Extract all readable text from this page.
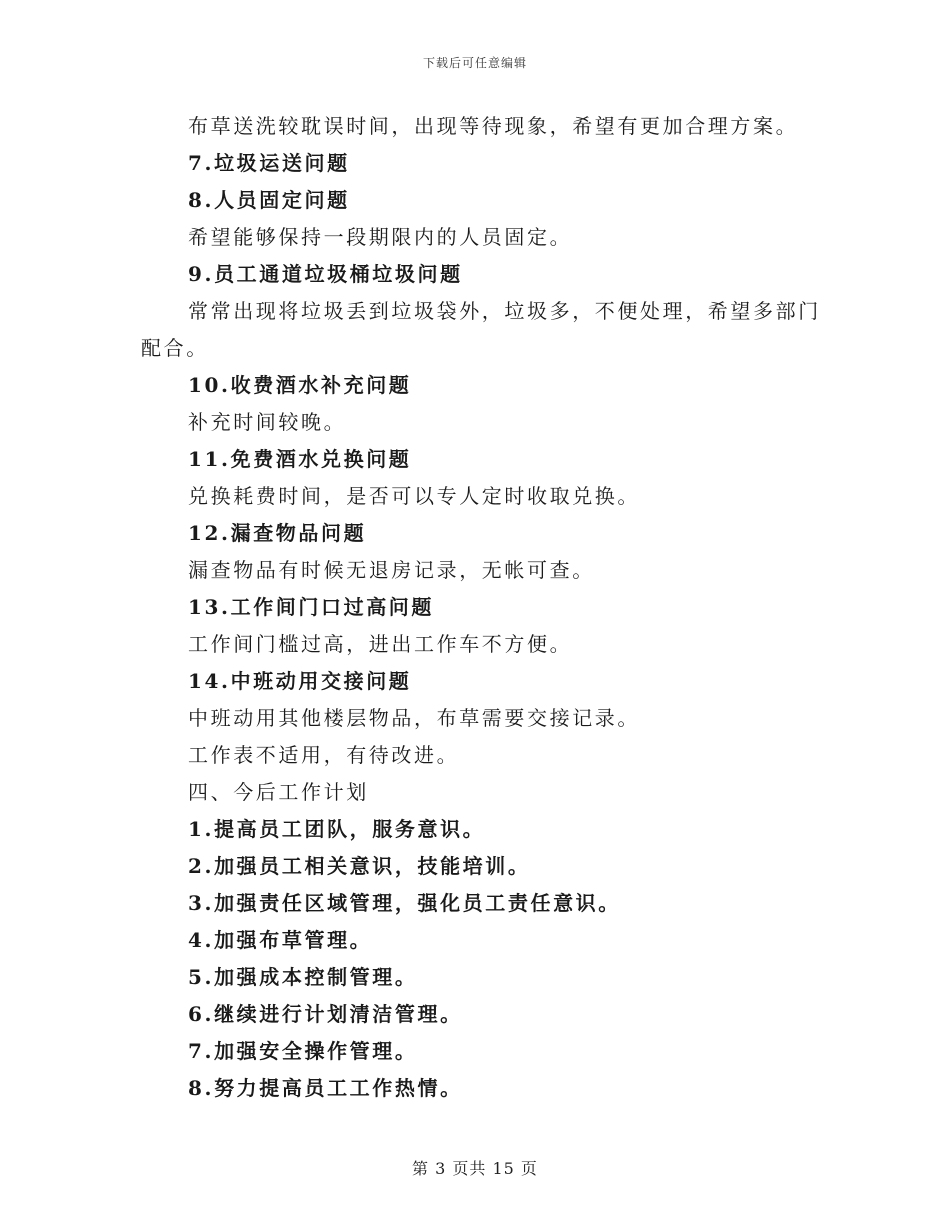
下载后可任意编辑
布草送洗较耽误时间，出现等待现象，希望有更加合理方案。
7.垃圾运送问题
8.人员固定问题
希望能够保持一段期限内的人员固定。
9.员工通道垃圾桶垃圾问题
常常出现将垃圾丢到垃圾袋外，垃圾多，不便处理，希望多部门
配合。
10.收费酒水补充问题
补充时间较晚。
11.免费酒水兑换问题
兑换耗费时间，是否可以专人定时收取兑换。
12.漏查物品问题
漏查物品有时候无退房记录，无帐可查。
13.工作间门口过高问题
工作间门槛过高，进出工作车不方便。
14.中班动用交接问题
中班动用其他楼层物品，布草需要交接记录。
工作表不适用，有待改进。
四、今后工作计划
1.提高员工团队，服务意识。
2.加强员工相关意识，技能培训。
3.加强责任区域管理，强化员工责任意识。
4.加强布草管理。
5.加强成本控制管理。
6.继续进行计划清洁管理。
7.加强安全操作管理。
8.努力提高员工工作热情。
第 3 页共 15 页
